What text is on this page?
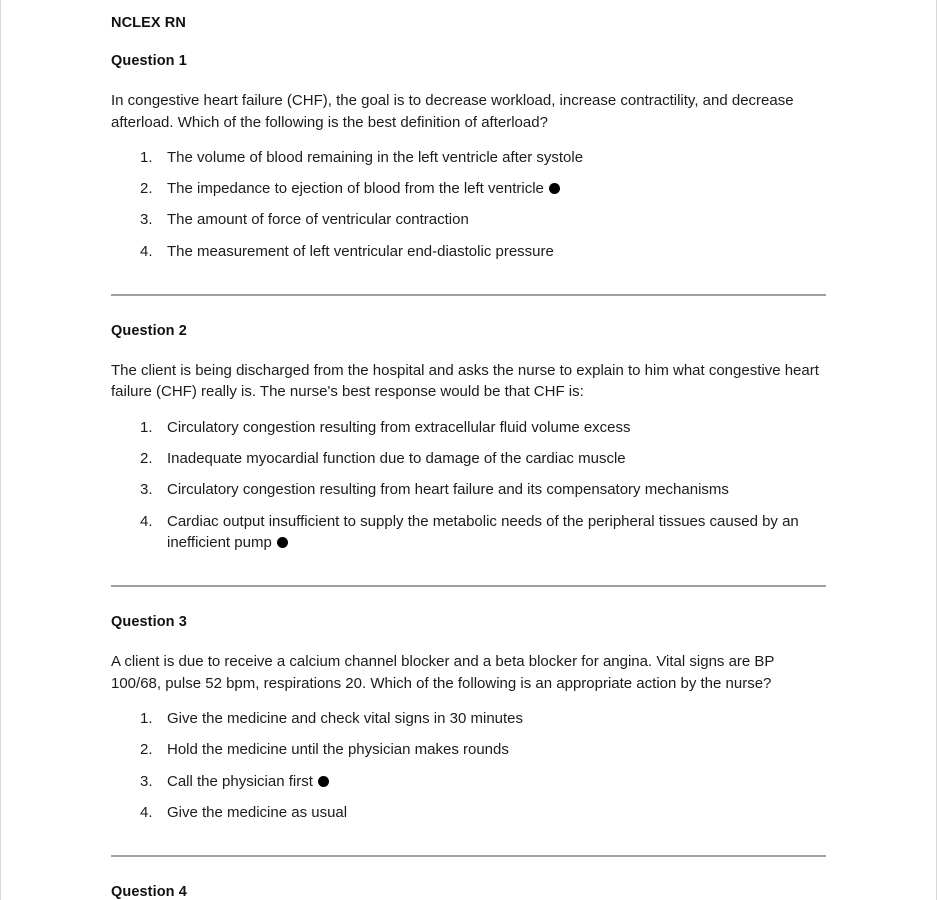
NCLEX RN
Question 1
In congestive heart failure (CHF), the goal is to decrease workload, increase contractility, and decrease afterload. Which of the following is the best definition of afterload?
1. The volume of blood remaining in the left ventricle after systole
2. The impedance to ejection of blood from the left ventricle
3. The amount of force of ventricular contraction
4. The measurement of left ventricular end-diastolic pressure
Question 2
The client is being discharged from the hospital and asks the nurse to explain to him what congestive heart failure (CHF) really is. The nurse's best response would be that CHF is:
1. Circulatory congestion resulting from extracellular fluid volume excess
2. Inadequate myocardial function due to damage of the cardiac muscle
3. Circulatory congestion resulting from heart failure and its compensatory mechanisms
4. Cardiac output insufficient to supply the metabolic needs of the peripheral tissues caused by an inefficient pump
Question 3
A client is due to receive a calcium channel blocker and a beta blocker for angina. Vital signs are BP 100/68, pulse 52 bpm, respirations 20. Which of the following is an appropriate action by the nurse?
1. Give the medicine and check vital signs in 30 minutes
2. Hold the medicine until the physician makes rounds
3. Call the physician first
4. Give the medicine as usual
Question 4
